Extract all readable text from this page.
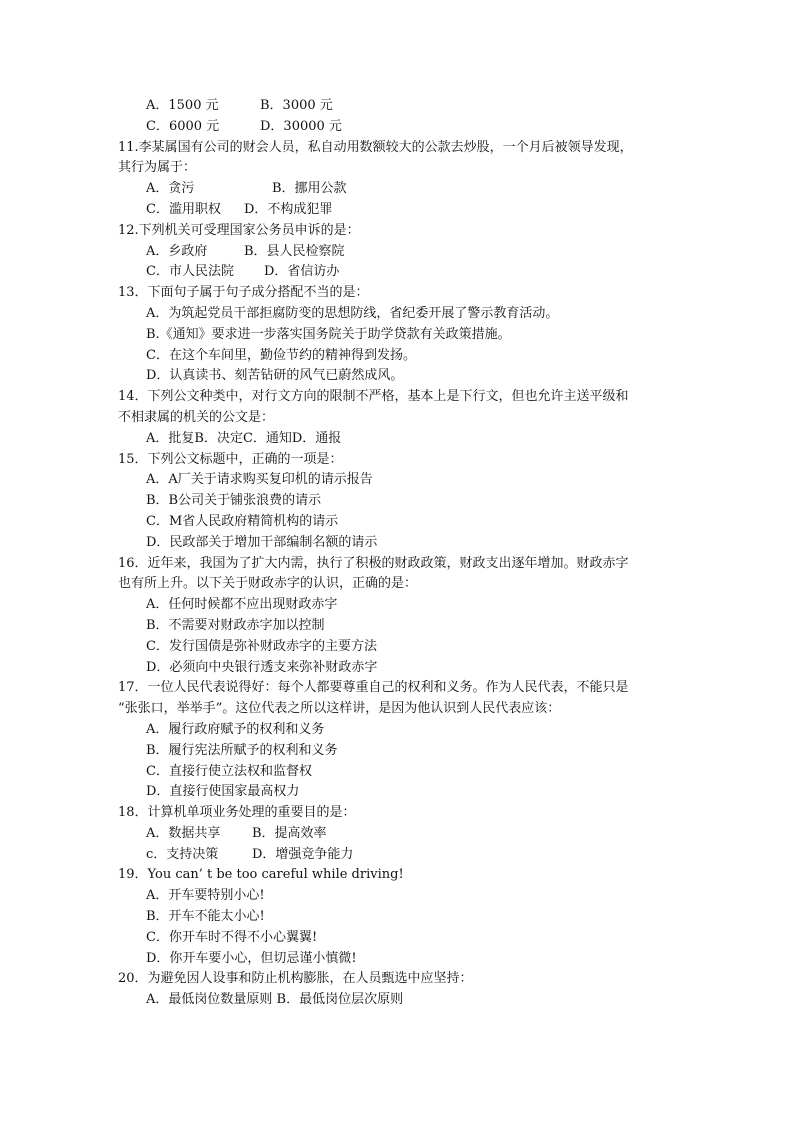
A．1500 元	B．3000 元
C．6000 元	D．30000 元
11.李某属国有公司的财会人员，私自动用数额较大的公款去炒股，一个月后被领导发现，
其行为属于：
A．贪污	B．挪用公款
C．滥用职权 D．不构成犯罪
12.下列机关可受理国家公务员申诉的是：
A．乡政府	B．县人民检察院
C．市人民法院 D．省信访办
13．下面句子属于句子成分搭配不当的是：
A．为筑起党员干部拒腐防变的思想防线，省纪委开展了警示教育活动。
B.《通知》要求进一步落实国务院关于助学贷款有关政策措施。
C．在这个车间里，勤俭节约的精神得到发扬。
D．认真读书、刻苦钻研的风气已蔚然成风。
14．下列公文种类中，对行文方向的限制不严格，基本上是下行文，但也允许主送平级和
不相隶属的机关的公文是：
A．批复B．决定C．通知D．通报
15．下列公文标题中，正确的一项是：
A．A厂关于请求购买复印机的请示报告
B．B公司关于铺张浪费的请示
C．M省人民政府精简机构的请示
D．民政部关于增加干部编制名额的请示
16．近年来，我国为了扩大内需，执行了积极的财政政策，财政支出逐年增加。财政赤字
也有所上升。以下关于财政赤字的认识，正确的是：
A．任何时候都不应出现财政赤字
B．不需要对财政赤字加以控制
C．发行国债是弥补财政赤字的主要方法
D．必须向中央银行透支来弥补财政赤字
17．一位人民代表说得好：每个人都要尊重自己的权利和义务。作为人民代表，不能只是
“张张口，举举手”。这位代表之所以这样讲，是因为他认识到人民代表应该：
A．履行政府赋予的权利和义务
B．履行宪法所赋予的权利和义务
C．直接行使立法权和监督权
D．直接行使国家最高权力
18．计算机单项业务处理的重要目的是：
A．数据共享 B．提高效率
c．支持决策	D．增强竞争能力
19．You can’ t be too careful while driving!
A．开车要特别小心!
B．开车不能太小心!
C．你开车时不得不小心翼翼!
D．你开车要小心，但切忌谨小慎微!
20．为避免因人设事和防止机构膨胀，在人员甄选中应坚持：
A．最低岗位数量原则 B．最低岗位层次原则
